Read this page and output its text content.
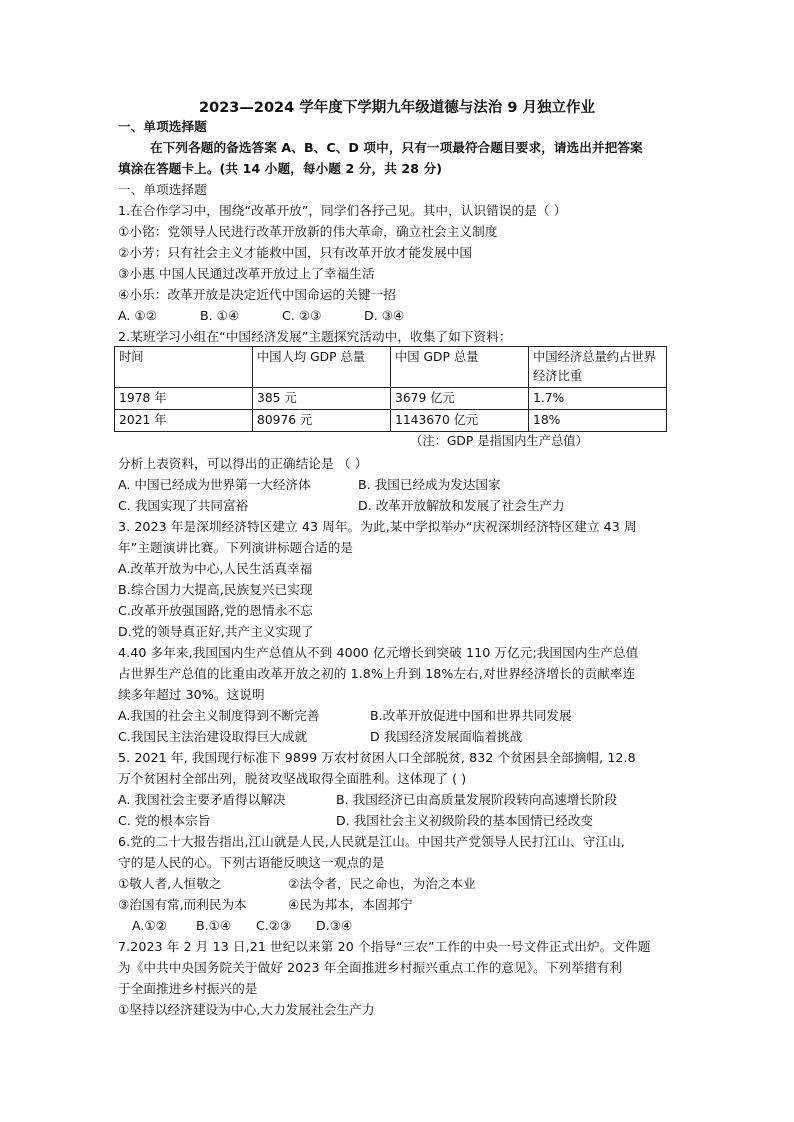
2023—2024 学年度下学期九年级道德与法治 9 月独立作业
一、单项选择题
在下列各题的备选答案 A、B、C、D 项中，只有一项最符合题目要求，请选出并把答案
填涂在答题卡上。(共 14 小题，每小题 2 分，共 28 分)
一、单项选择题
1.在合作学习中，围绕“改革开放”，同学们各抒己见。其中，认识错误的是（ ）
①小铭：党领导人民进行改革开放新的伟大革命，确立社会主义制度
②小芳：只有社会主义才能救中国，只有改革开放才能发展中国
③小惠 中国人民通过改革开放过上了幸福生活
④小乐：改革开放是决定近代中国命运的关键一招
A. ①②	B. ①④	C. ②③	D. ③④
2.某班学习小组在“中国经济发展”主题探究活动中，收集了如下资料：
时间	中国人均 GDP 总量	中国 GDP 总量	中国经济总量约占世界经济比重
1978 年	385 元	3679 亿元	1.7%
2021 年	80976 元	1143670 亿元	18%
（注：GDP 是指国内生产总值）
分析上表资料，可以得出的正确结论是 （ ）
A. 中国已经成为世界第一大经济体	B. 我国已经成为发达国家
C. 我国实现了共同富裕	D. 改革开放解放和发展了社会生产力
3. 2023 年是深圳经济特区建立 43 周年。为此,某中学拟举办“庆祝深圳经济特区建立 43 周
年”主题演讲比赛。下列演讲标题合适的是
A.改革开放为中心,人民生活真幸福
B.综合国力大提高,民族复兴已实现
C.改革开放强国路,党的恩情永不忘
D.党的领导真正好,共产主义实现了
4.40 多年来,我国国内生产总值从不到 4000 亿元增长到突破 110 万亿元;我国国内生产总值
占世界生产总值的比重由改革开放之初的 1.8%上升到 18%左右,对世界经济增长的贡献率连
续多年超过 30%。这说明
A.我国的社会主义制度得到不断完善	B.改革开放促进中国和世界共同发展
C.我国民主法治建设取得巨大成就	D 我国经济发展面临着挑战
5. 2021 年, 我国现行标准下 9899 万农村贫困人口全部脱贫, 832 个贫困县全部摘帽, 12.8
万个贫困村全部出列，脱贫攻坚战取得全面胜利。这体现了 ( )
A. 我国社会主要矛盾得以解决	B. 我国经济已由高质量发展阶段转向高速增长阶段
C. 党的根本宗旨	D. 我国社会主义初级阶段的基本国情已经改变
6.党的二十大报告指出,江山就是人民,人民就是江山。中国共产党领导人民打江山、守江山,
守的是人民的心。下列古语能反映这一观点的是
①敬人者,人恒敬之	②法令者，民之命也，为治之本业
③治国有常,而利民为本	④民为邦本，本固邦宁
A.①② B.①④ C.②③ D.③④
7.2023 年 2 月 13 日,21 世纪以来第 20 个指导“三农”工作的中央一号文件正式出炉。文件题
为《中共中央国务院关于做好 2023 年全面推进乡村振兴重点工作的意见》。下列举措有利
于全面推进乡村振兴的是
①坚持以经济建设为中心,大力发展社会生产力
